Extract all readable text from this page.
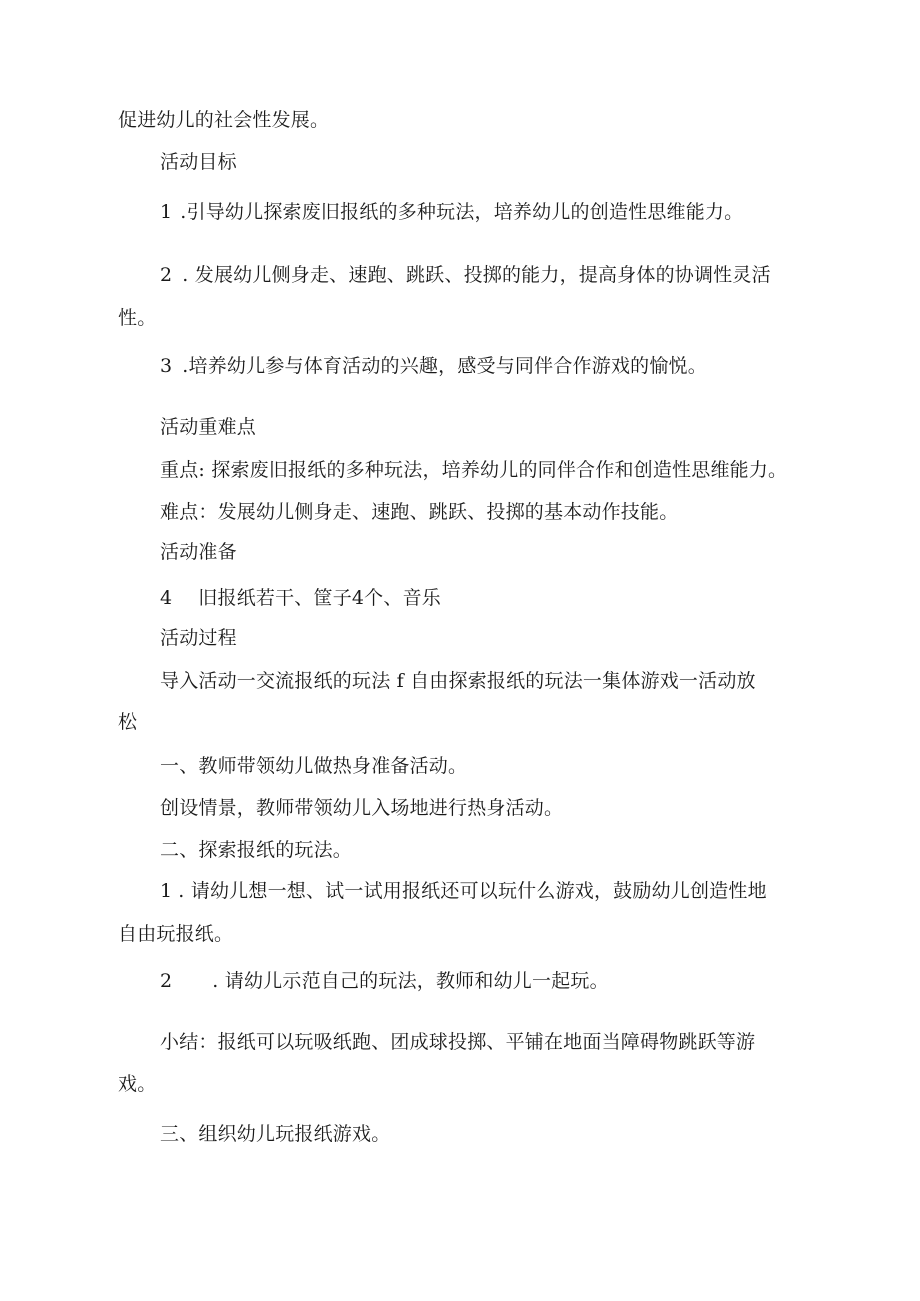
促进幼儿的社会性发展。
活动目标
1 .引导幼儿探索废旧报纸的多种玩法，培养幼儿的创造性思维能力。
2 . 发展幼儿侧身走、速跑、跳跃、投掷的能力，提高身体的协调性灵活
性。
3 .培养幼儿参与体育活动的兴趣，感受与同伴合作游戏的愉悦。
活动重难点
重点: 探索废旧报纸的多种玩法，培养幼儿的同伴合作和创造性思维能力。
难点：发展幼儿侧身走、速跑、跳跃、投掷的基本动作技能。
活动准备
4 旧报纸若干、筐子4个、音乐
活动过程
导入活动一交流报纸的玩法 f 自由探索报纸的玩法一集体游戏一活动放
松
一、教师带领幼儿做热身准备活动。
创设情景，教师带领幼儿入场地进行热身活动。
二、探索报纸的玩法。
1 . 请幼儿想一想、试一试用报纸还可以玩什么游戏，鼓励幼儿创造性地
自由玩报纸。
2 . 请幼儿示范自己的玩法，教师和幼儿一起玩。
小结：报纸可以玩吸纸跑、团成球投掷、平铺在地面当障碍物跳跃等游
戏。
三、组织幼儿玩报纸游戏。
